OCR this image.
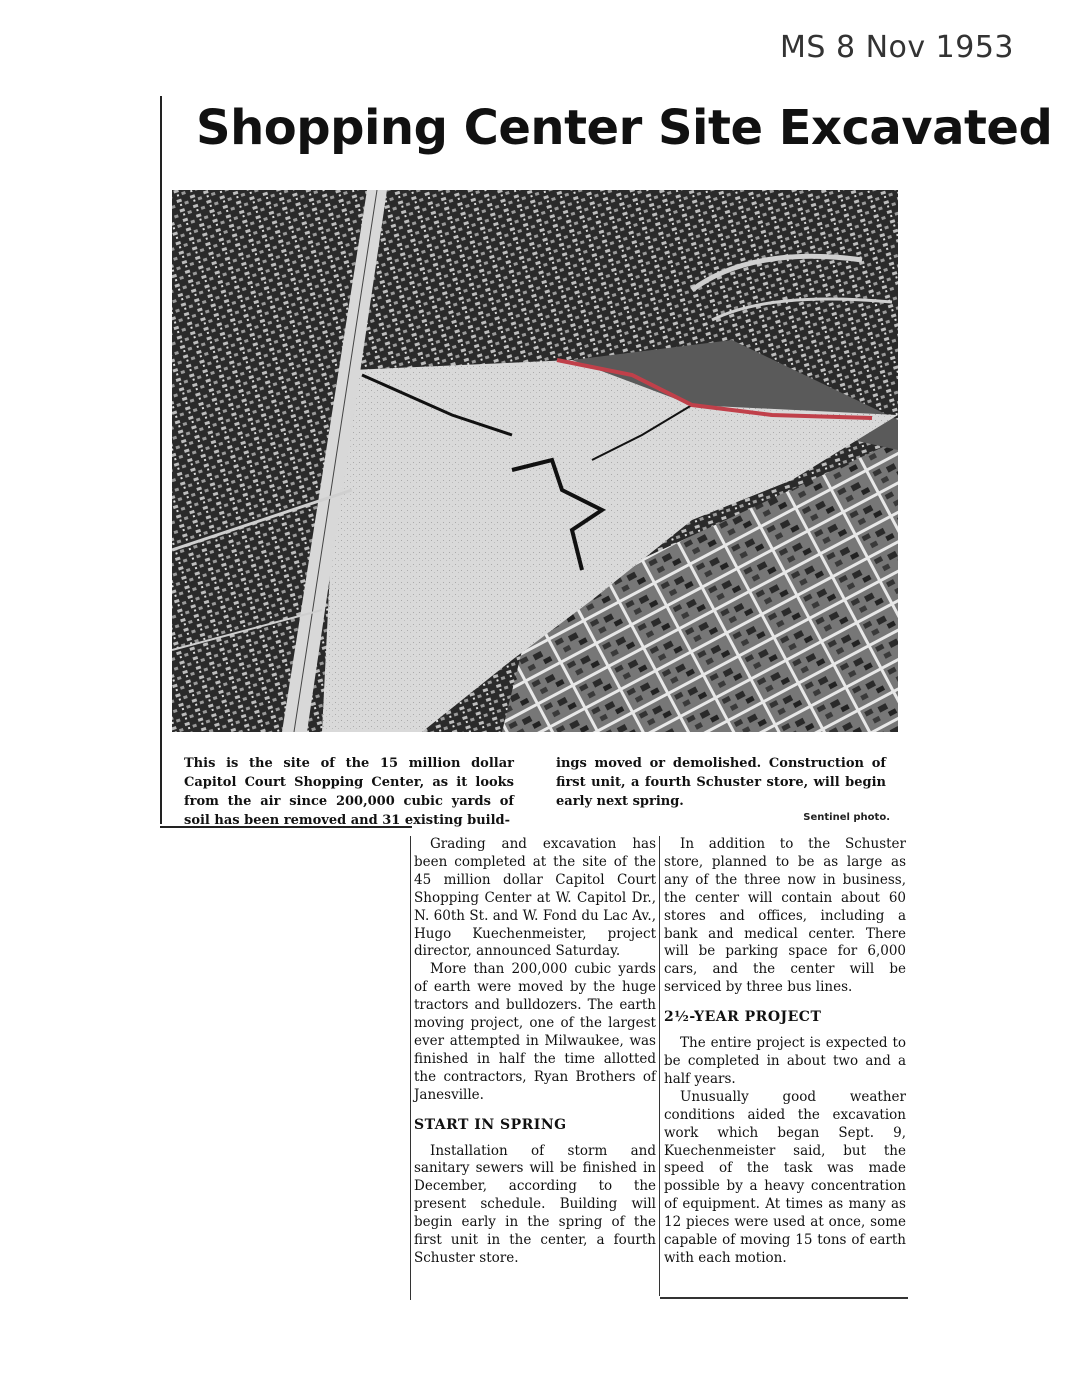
MS 8 Nov 1953
Shopping Center Site Excavated
This is the site of the 15 million dollar Capitol Court Shopping Center, as it looks from the air since 200,000 cubic yards of soil has been removed and 31 existing build-
ings moved or demolished. Construction of first unit, a fourth Schuster store, will begin early next spring.
Sentinel photo.

Grading and excavation has been completed at the site of the 45 million dollar Capitol Court Shopping Center at W. Capitol Dr., N. 60th St. and W. Fond du Lac Av., Hugo Kuechenmeister, project director, announced Saturday.

More than 200,000 cubic yards of earth were moved by the huge tractors and bulldozers. The earth moving project, one of the largest ever attempted in Milwaukee, was finished in half the time allotted the contractors, Ryan Brothers of Janesville.

START IN SPRING

Installation of storm and sanitary sewers will be finished in December, according to the present schedule. Building will begin early in the spring of the first unit in the center, a fourth Schuster store.

In addition to the Schuster store, planned to be as large as any of the three now in business, the center will contain about 60 stores and offices, including a bank and medical center. There will be parking space for 6,000 cars, and the center will be serviced by three bus lines.

2½-YEAR PROJECT

The entire project is expected to be completed in about two and a half years.

Unusually good weather conditions aided the excavation work which began Sept. 9, Kuechenmeister said, but the speed of the task was made possible by a heavy concentration of equipment. At times as many as 12 pieces were used at once, some capable of moving 15 tons of earth with each motion.
